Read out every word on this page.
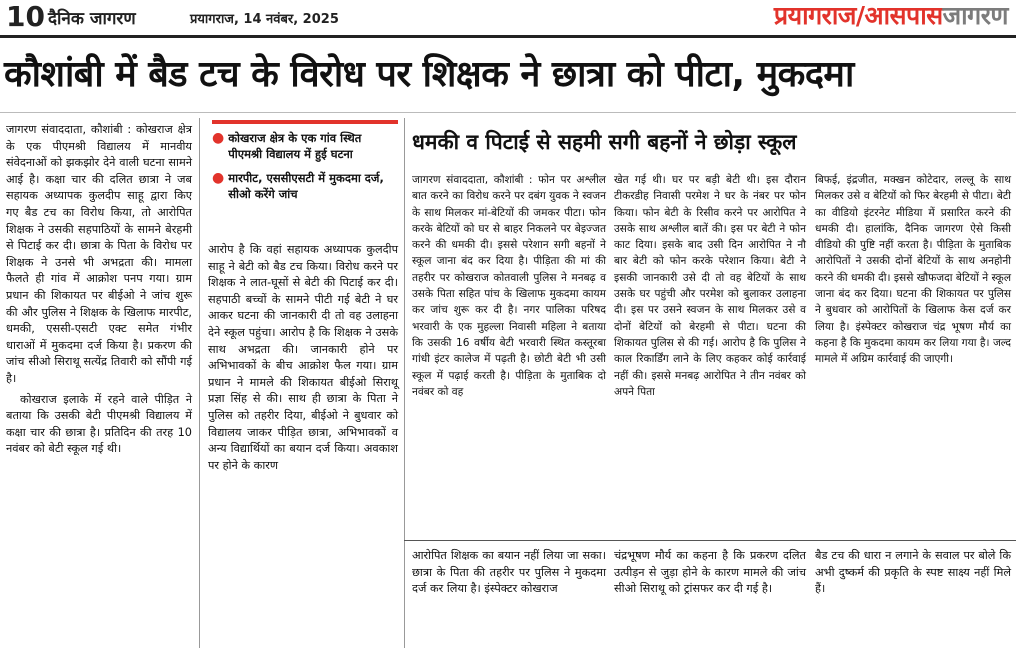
10 दैनिक जागरण	प्रयागराज, 14 नवंबर, 2025	प्रयागराज/आसपासजागरण
कौशांबी में बैड टच के विरोध पर शिक्षक ने छात्रा को पीटा, मुकदमा

जागरण संवाददाता, कौशांबी : कोखराज क्षेत्र के एक पीएमश्री विद्यालय में मानवीय संवेदनाओं को झकझोर देने वाली घटना सामने आई है। कक्षा चार की दलित छात्रा ने जब सहायक अध्यापक कुलदीप साहू द्वारा किए गए बैड टच का विरोध किया, तो आरोपित शिक्षक ने उसकी सहपाठियों के सामने बेरहमी से पिटाई कर दी। छात्रा के पिता के विरोध पर शिक्षक ने उनसे भी अभद्रता की। मामला फैलते ही गांव में आक्रोश पनप गया। ग्राम प्रधान की शिकायत पर बीईओ ने जांच शुरू की और पुलिस ने शिक्षक के खिलाफ मारपीट, धमकी, एससी-एसटी एक्ट समेत गंभीर धाराओं में मुकदमा दर्ज किया है। प्रकरण की जांच सीओ सिराथू सत्येंद्र तिवारी को सौंपी गई है।

कोखराज इलाके में रहने वाले पीड़ित ने बताया कि उसकी बेटी पीएमश्री विद्यालय में कक्षा चार की छात्रा है। प्रतिदिन की तरह 10 नवंबर को बेटी स्कूल गई थी।

● कोखराज क्षेत्र के एक गांव स्थित पीएमश्री विद्यालय में हुई घटना
● मारपीट, एससीएसटी में मुकदमा दर्ज, सीओ करेंगे जांच

आरोप है कि वहां सहायक अध्यापक कुलदीप साहू ने बेटी को बैड टच किया। विरोध करने पर शिक्षक ने लात-घूसों से बेटी की पिटाई कर दी। सहपाठी बच्चों के सामने पीटी गई बेटी ने घर आकर घटना की जानकारी दी तो वह उलाहना देने स्कूल पहुंचा। आरोप है कि शिक्षक ने उसके साथ अभद्रता की। जानकारी होने पर अभिभावकों के बीच आक्रोश फैल गया। ग्राम प्रधान ने मामले की शिकायत बीईओ सिराथू प्रज्ञा सिंह से की। साथ ही छात्रा के पिता ने पुलिस को तहरीर दिया, बीईओ ने बुधवार को विद्यालय जाकर पीड़ित छात्रा, अभिभावकों व अन्य विद्यार्थियों का बयान दर्ज किया। अवकाश पर होने के कारण

धमकी व पिटाई से सहमी सगी बहनों ने छोड़ा स्कूल

जागरण संवाददाता, कौशांबी : फोन पर अश्लील बात करने का विरोध करने पर दबंग युवक ने स्वजन के साथ मिलकर मां-बेटियों की जमकर पीटा। फोन करके बेटियों को घर से बाहर निकलने पर बेइज्जत करने की धमकी दी। इससे परेशान सगी बहनों ने स्कूल जाना बंद कर दिया है। पीड़िता की मां की तहरीर पर कोखराज कोतवाली पुलिस ने मनबढ़ व उसके पिता सहित पांच के खिलाफ मुकदमा कायम कर जांच शुरू कर दी है। नगर पालिका परिषद भरवारी के एक मुहल्ला निवासी महिला ने बताया कि उसकी 16 वर्षीय बेटी भरवारी स्थित कस्तूरबा गांधी इंटर कालेज में पढ़ती है। छोटी बेटी भी उसी स्कूल में पढ़ाई करती है। पीड़िता के मुताबिक दो नवंबर को वह

खेत गई थी। घर पर बड़ी बेटी थी। इस दौरान टीकरडीह निवासी परमेश ने घर के नंबर पर फोन किया। फोन बेटी के रिसीव करने पर आरोपित ने उसके साथ अश्लील बातें की। इस पर बेटी ने फोन काट दिया। इसके बाद उसी दिन आरोपित ने नौ बार बेटी को फोन करके परेशान किया। बेटी ने इसकी जानकारी उसे दी तो वह बेटियों के साथ उसके घर पहुंची और परमेश को बुलाकर उलाहना दी। इस पर उसने स्वजन के साथ मिलकर उसे व दोनों बेटियों को बेरहमी से पीटा। घटना की शिकायत पुलिस से की गई। आरोप है कि पुलिस ने काल रिकार्डिंग लाने के लिए कहकर कोई कार्रवाई नहीं की। इससे मनबढ़ आरोपित ने तीन नवंबर को अपने पिता

बिफई, इंद्रजीत, मक्खन कोटेदार, लल्लू के साथ मिलकर उसे व बेटियों को फिर बेरहमी से पीटा। बेटी का वीडियो इंटरनेट मीडिया में प्रसारित करने की धमकी दी। हालांकि, दैनिक जागरण ऐसे किसी वीडियो की पुष्टि नहीं करता है। पीड़िता के मुताबिक आरोपितों ने उसकी दोनों बेटियों के साथ अनहोनी करने की धमकी दी। इससे खौफजदा बेटियों ने स्कूल जाना बंद कर दिया। घटना की शिकायत पर पुलिस ने बुधवार को आरोपितों के खिलाफ केस दर्ज कर लिया है। इंस्पेक्टर कोखराज चंद्र भूषण मौर्य का कहना है कि मुकदमा कायम कर लिया गया है। जल्द मामले में अग्रिम कार्रवाई की जाएगी।

आरोपित शिक्षक का बयान नहीं लिया जा सका। छात्रा के पिता की तहरीर पर पुलिस ने मुकदमा दर्ज कर लिया है। इंस्पेक्टर कोखराज

चंद्रभूषण मौर्य का कहना है कि प्रकरण दलित उत्पीड़न से जुड़ा होने के कारण मामले की जांच सीओ सिराथू को ट्रांसफर कर दी गई है।

बैड टच की धारा न लगाने के सवाल पर बोले कि अभी दुष्कर्म की प्रकृति के स्पष्ट साक्ष्य नहीं मिले हैं।
